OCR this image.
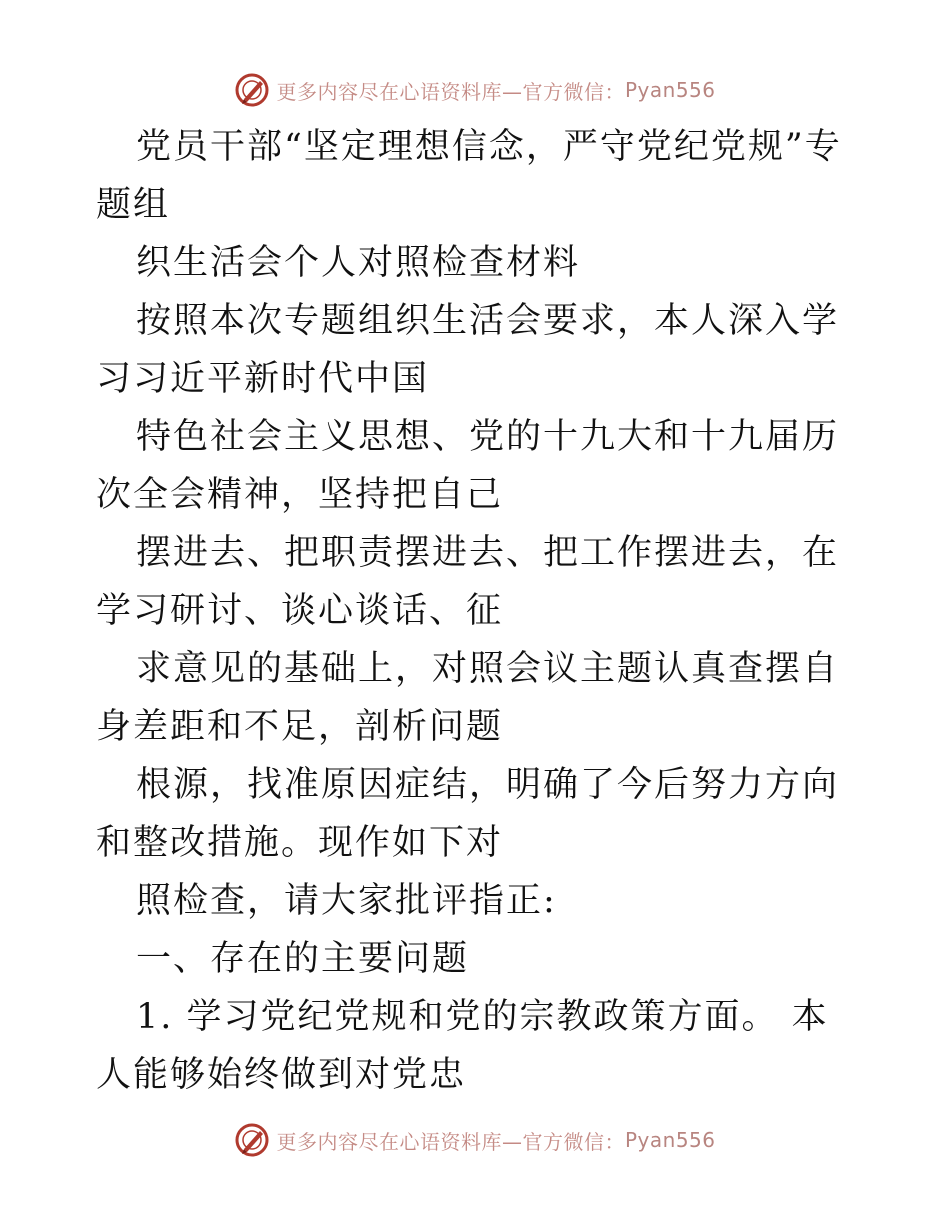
更多内容尽在心语资料库—官方微信： Pyan556

党员干部“坚定理想信念，严守党纪党规”专题组

织生活会个人对照检查材料

按照本次专题组织生活会要求，本人深入学习习近平新时代中国

特色社会主义思想、党的十九大和十九届历次全会精神，坚持把自己

摆进去、把职责摆进去、把工作摆进去，在学习研讨、谈心谈话、征

求意见的基础上，对照会议主题认真查摆自身差距和不足，剖析问题

根源，找准原因症结，明确了今后努力方向和整改措施。现作如下对

照检查，请大家批评指正:

一、存在的主要问题

1. 学习党纪党规和党的宗教政策方面。 本人能够始终做到对党忠

更多内容尽在心语资料库—官方微信： Pyan556
